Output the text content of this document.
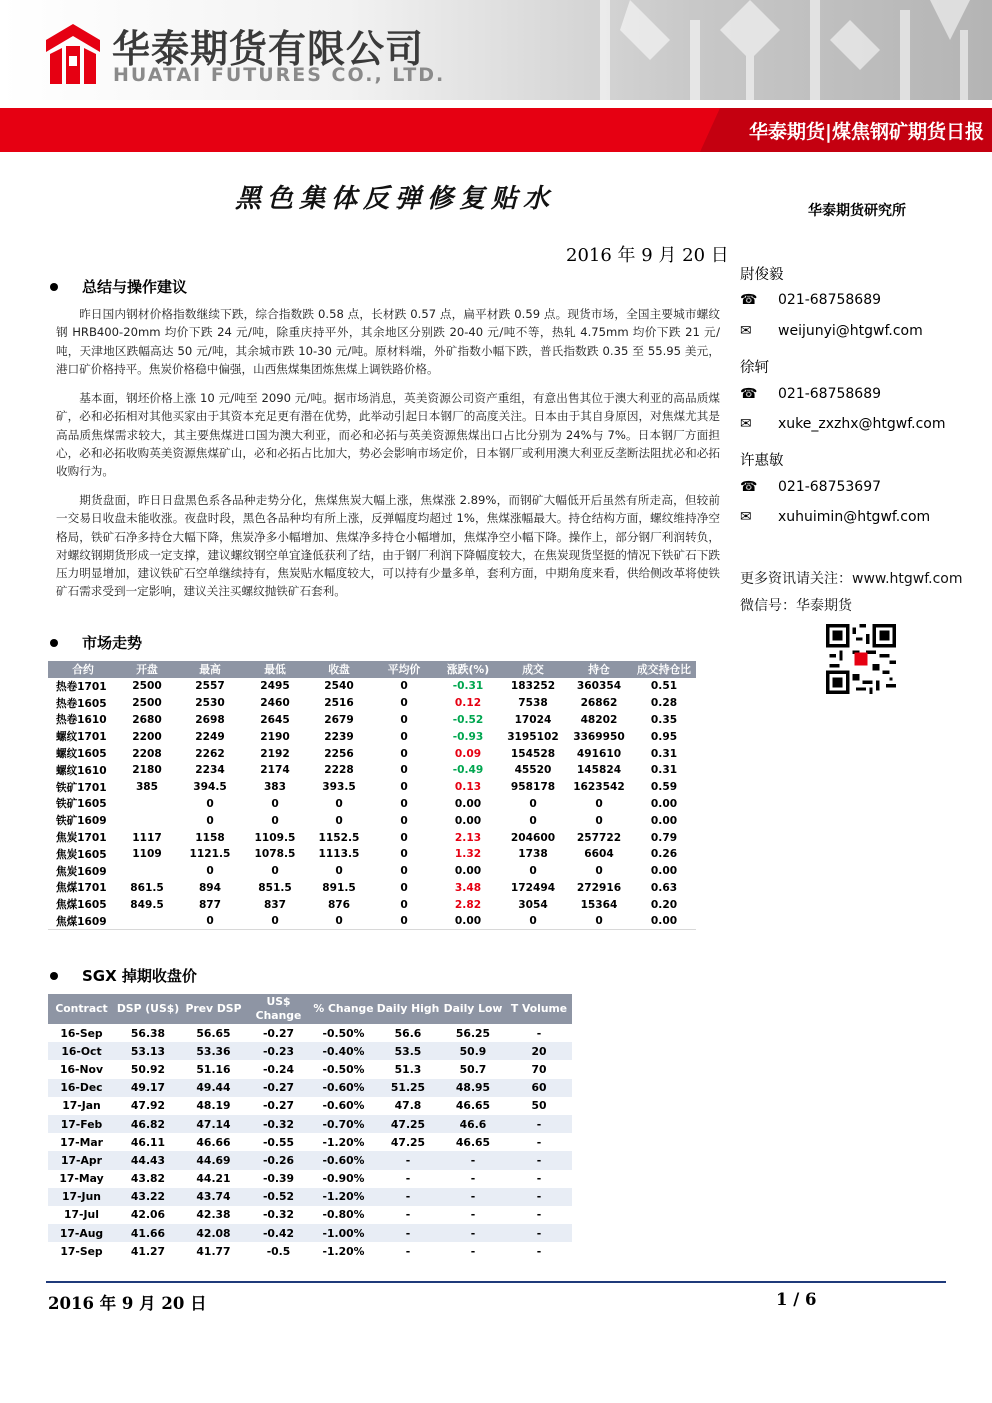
华泰期货有限公司
HUATAI FUTURES CO., LTD.
华泰期货|煤焦钢矿期货日报
黑色集体反弹修复贴水	华泰期货研究所
2016 年 9 月 20 日
尉俊毅
☎	021-68758689
✉	weijunyi@htgwf.com
徐轲
☎	021-68758689
✉	xuke_zxzhx@htgwf.com
许惠敏
☎	021-68753697
✉	xuhuimin@htgwf.com
更多资讯请关注：www.htgwf.com
微信号：华泰期货
总结与操作建议
昨日国内钢材价格指数继续下跌，综合指数跌 0.58 点，长材跌 0.57 点，扁平材跌 0.59 点。现货市场，全国主要城市螺纹钢 HRB400-20mm 均价下跌 24 元/吨，除重庆持平外，其余地区分别跌 20-40 元/吨不等，热轧 4.75mm 均价下跌 21 元/吨，天津地区跌幅高达 50 元/吨，其余城市跌 10-30 元/吨。原材料端，外矿指数小幅下跌，普氏指数跌 0.35 至 55.95 美元，港口矿价格持平。焦炭价格稳中偏强，山西焦煤集团炼焦煤上调铁路价格。
基本面，钢坯价格上涨 10 元/吨至 2090 元/吨。据市场消息，英美资源公司资产重组，有意出售其位于澳大利亚的高品质煤矿，必和必拓相对其他买家由于其资本充足更有潜在优势，此举动引起日本钢厂的高度关注。日本由于其自身原因，对焦煤尤其是高品质焦煤需求较大，其主要焦煤进口国为澳大利亚，而必和必拓与英美资源焦煤出口占比分别为 24%与 7%。日本钢厂方面担心，必和必拓收购英美资源焦煤矿山，必和必拓占比加大，势必会影响市场定价，日本钢厂或利用澳大利亚反垄断法阻扰必和必拓收购行为。
期货盘面，昨日日盘黑色系各品种走势分化，焦煤焦炭大幅上涨，焦煤涨 2.89%，而钢矿大幅低开后虽然有所走高，但较前一交易日收盘未能收涨。夜盘时段，黑色各品种均有所上涨，反弹幅度均超过 1%，焦煤涨幅最大。持仓结构方面，螺纹维持净空格局，铁矿石净多持仓大幅下降，焦炭净多小幅增加、焦煤净多持仓小幅增加，焦煤净空小幅下降。操作上，部分钢厂利润转负，对螺纹钢期货形成一定支撑，建议螺纹钢空单宜逢低获利了结，由于钢厂利润下降幅度较大，在焦炭现货坚挺的情况下铁矿石下跌压力明显增加，建议铁矿石空单继续持有，焦炭贴水幅度较大，可以持有少量多单，套利方面，中期角度来看，供给侧改革将使铁矿石需求受到一定影响，建议关注买螺纹抛铁矿石套利。
市场走势
合约	开盘	最高	最低	收盘	平均价	涨跌(%)	成交	持仓	成交持仓比
热卷1701	2500	2557	2495	2540	0	-0.31	183252	360354	0.51
热卷1605	2500	2530	2460	2516	0	0.12	7538	26862	0.28
热卷1610	2680	2698	2645	2679	0	-0.52	17024	48202	0.35
螺纹1701	2200	2249	2190	2239	0	-0.93	3195102	3369950	0.95
螺纹1605	2208	2262	2192	2256	0	0.09	154528	491610	0.31
螺纹1610	2180	2234	2174	2228	0	-0.49	45520	145824	0.31
铁矿1701	385	394.5	383	393.5	0	0.13	958178	1623542	0.59
铁矿1605		0	0	0	0	0.00	0	0	0.00
铁矿1609		0	0	0	0	0.00	0	0	0.00
焦炭1701	1117	1158	1109.5	1152.5	0	2.13	204600	257722	0.79
焦炭1605	1109	1121.5	1078.5	1113.5	0	1.32	1738	6604	0.26
焦炭1609		0	0	0	0	0.00	0	0	0.00
焦煤1701	861.5	894	851.5	891.5	0	3.48	172494	272916	0.63
焦煤1605	849.5	877	837	876	0	2.82	3054	15364	0.20
焦煤1609		0	0	0	0	0.00	0	0	0.00
SGX 掉期收盘价
Contract	DSP (US$)	Prev DSP	US$ Change	% Change	Daily High	Daily Low	T Volume
16-Sep	56.38	56.65	-0.27	-0.50%	56.6	56.25	-
16-Oct	53.13	53.36	-0.23	-0.40%	53.5	50.9	20
16-Nov	50.92	51.16	-0.24	-0.50%	51.3	50.7	70
16-Dec	49.17	49.44	-0.27	-0.60%	51.25	48.95	60
17-Jan	47.92	48.19	-0.27	-0.60%	47.8	46.65	50
17-Feb	46.82	47.14	-0.32	-0.70%	47.25	46.6	-
17-Mar	46.11	46.66	-0.55	-1.20%	47.25	46.65	-
17-Apr	44.43	44.69	-0.26	-0.60%	-	-	-
17-May	43.82	44.21	-0.39	-0.90%	-	-	-
17-Jun	43.22	43.74	-0.52	-1.20%	-	-	-
17-Jul	42.06	42.38	-0.32	-0.80%	-	-	-
17-Aug	41.66	42.08	-0.42	-1.00%	-	-	-
17-Sep	41.27	41.77	-0.5	-1.20%	-	-	-
2016 年 9 月 20 日	1 / 6
